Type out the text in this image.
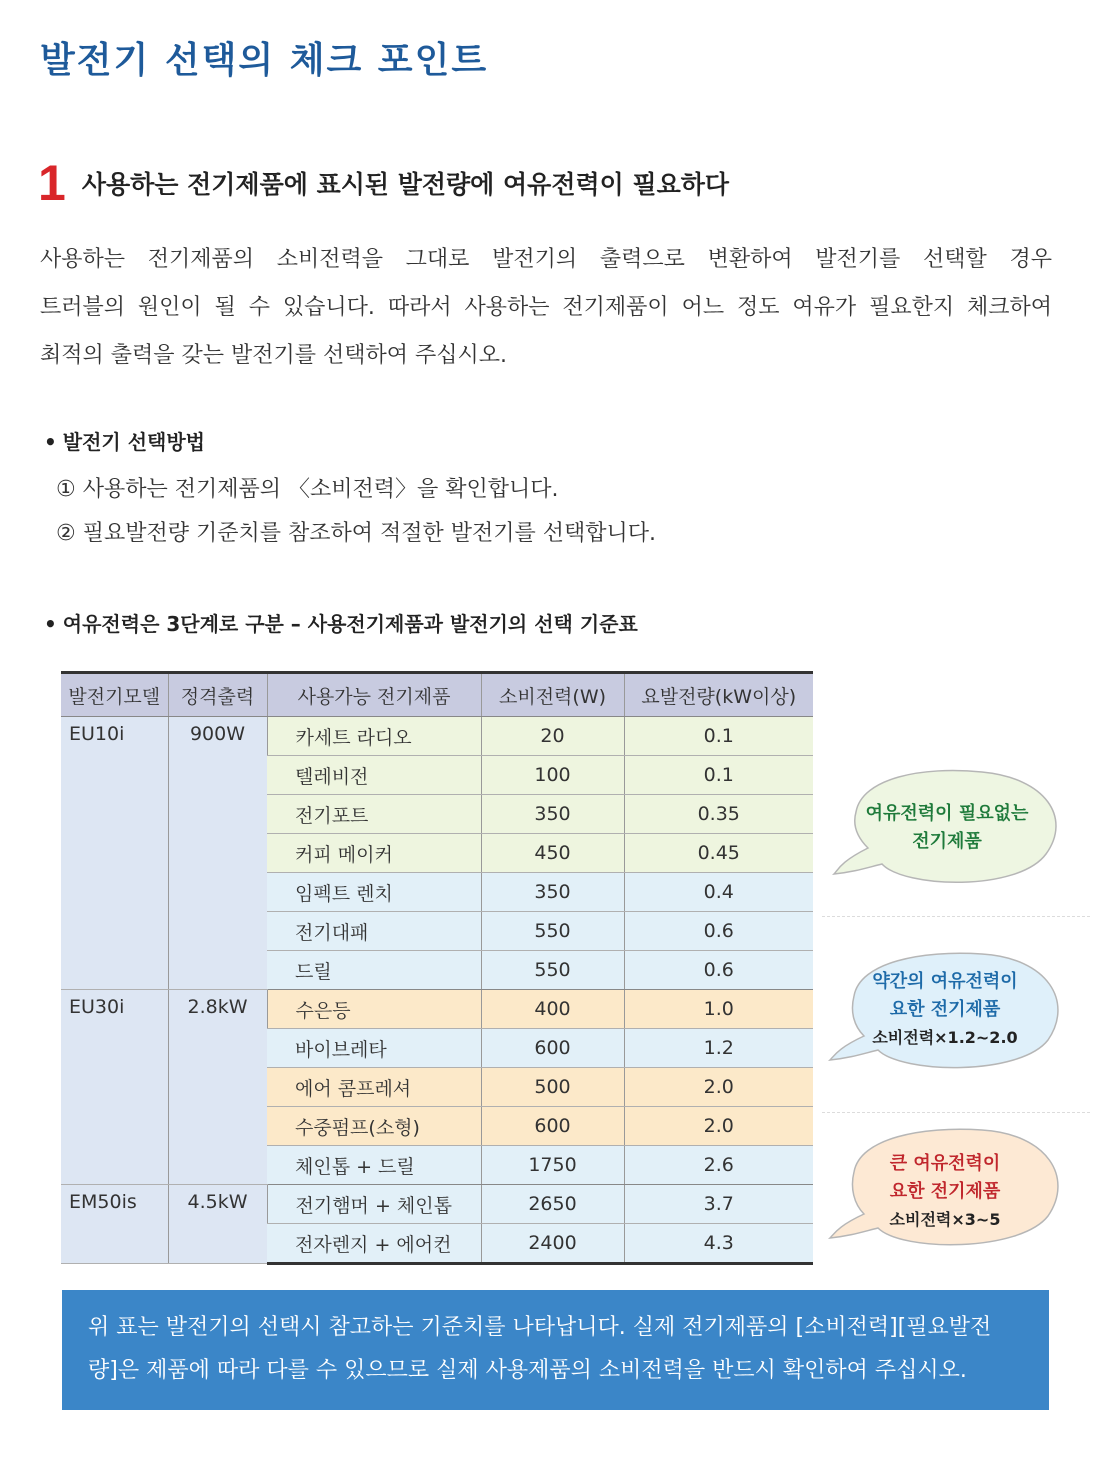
발전기 선택의 체크 포인트
1 사용하는 전기제품에 표시된 발전량에 여유전력이 필요하다

사용하는 전기제품의 소비전력을 그대로 발전기의 출력으로 변환하여 발전기를 선택할 경우

트러블의 원인이 될 수 있습니다. 따라서 사용하는 전기제품이 어느 정도 여유가 필요한지 체크하여

최적의 출력을 갖는 발전기를 선택하여 주십시오.

• 발전기 선택방법
① 사용하는 전기제품의 〈소비전력〉을 확인합니다.
② 필요발전량 기준치를 참조하여 적절한 발전기를 선택합니다.
• 여유전력은 3단계로 구분 – 사용전기제품과 발전기의 선택 기준표
발전기모델	정격출력	사용가능 전기제품	소비전력(W)	요발전량(kW이상)
EU10i	900W	카세트 라디오	20	0.1
		텔레비전	100	0.1
		전기포트	350	0.35
		커피 메이커	450	0.45
		임펙트 렌치	350	0.4
		전기대패	550	0.6
		드릴	550	0.6
EU30i	2.8kW	수은등	400	1.0
		바이브레타	600	1.2
		에어 콤프레셔	500	2.0
		수중펌프(소형)	600	2.0
		체인톱 + 드릴	1750	2.6
EM50is	4.5kW	전기햄머 + 체인톱	2650	3.7
		전자렌지 + 에어컨	2400	4.3
여유전력이 필요없는
전기제품
약간의 여유전력이
요한 전기제품
소비전력×1.2~2.0
큰 여유전력이
요한 전기제품
소비전력×3~5

위 표는 발전기의 선택시 참고하는 기준치를 나타납니다. 실제 전기제품의 [소비전력][필요발전

량]은 제품에 따라 다를 수 있으므로 실제 사용제품의 소비전력을 반드시 확인하여 주십시오.
